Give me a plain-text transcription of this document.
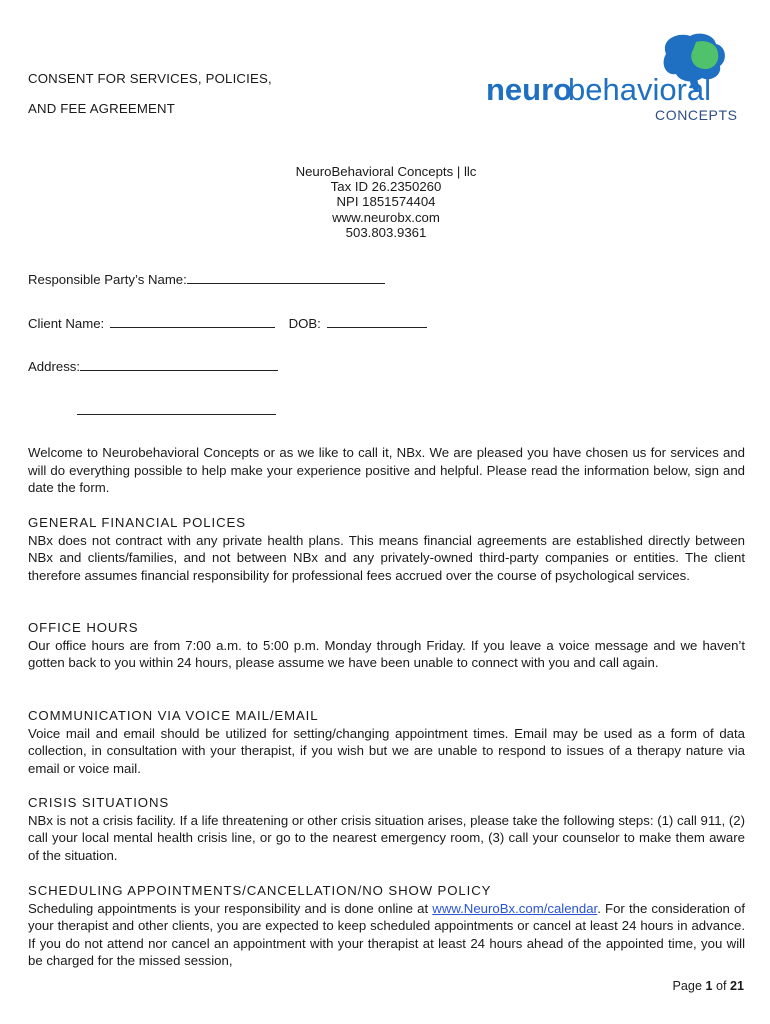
CONSENT FOR SERVICES, POLICIES,
AND FEE AGREEMENT
neuro
behavioral
CONCEPTS
NeuroBehavioral Concepts | llc
Tax ID 26.2350260
NPI 1851574404
www.neurobx.com
503.803.9361
Responsible Party’s Name:
Client Name:	DOB:
Address:

Welcome to Neurobehavioral Concepts or as we like to call it, NBx. We are pleased you have chosen us for services and will do everything possible to help make your experience positive and helpful. Please read the information below, sign and date the form.

GENERAL FINANCIAL POLICES

NBx does not contract with any private health plans. This means financial agreements are established directly between NBx and clients/families, and not between NBx and any privately-owned third-party companies or entities. The client therefore assumes financial responsibility for professional fees accrued over the course of psychological services.

OFFICE HOURS

Our office hours are from 7:00 a.m. to 5:00 p.m. Monday through Friday. If you leave a voice message and we haven’t gotten back to you within 24 hours, please assume we have been unable to connect with you and call again.

COMMUNICATION VIA VOICE MAIL/EMAIL

Voice mail and email should be utilized for setting/changing appointment times. Email may be used as a form of data collection, in consultation with your therapist, if you wish but we are unable to respond to issues of a therapy nature via email or voice mail.

CRISIS SITUATIONS

NBx is not a crisis facility. If a life threatening or other crisis situation arises, please take the following steps: (1) call 911, (2) call your local mental health crisis line, or go to the nearest emergency room, (3) call your counselor to make them aware of the situation.

SCHEDULING APPOINTMENTS/CANCELLATION/NO SHOW POLICY

Scheduling appointments is your responsibility and is done online at www.NeuroBx.com/calendar. For the consideration of your therapist and other clients, you are expected to keep scheduled appointments or cancel at least 24 hours in advance. If you do not attend nor cancel an appointment with your therapist at least 24 hours ahead of the appointed time, you will be charged for the missed session,

Page 1 of 21
